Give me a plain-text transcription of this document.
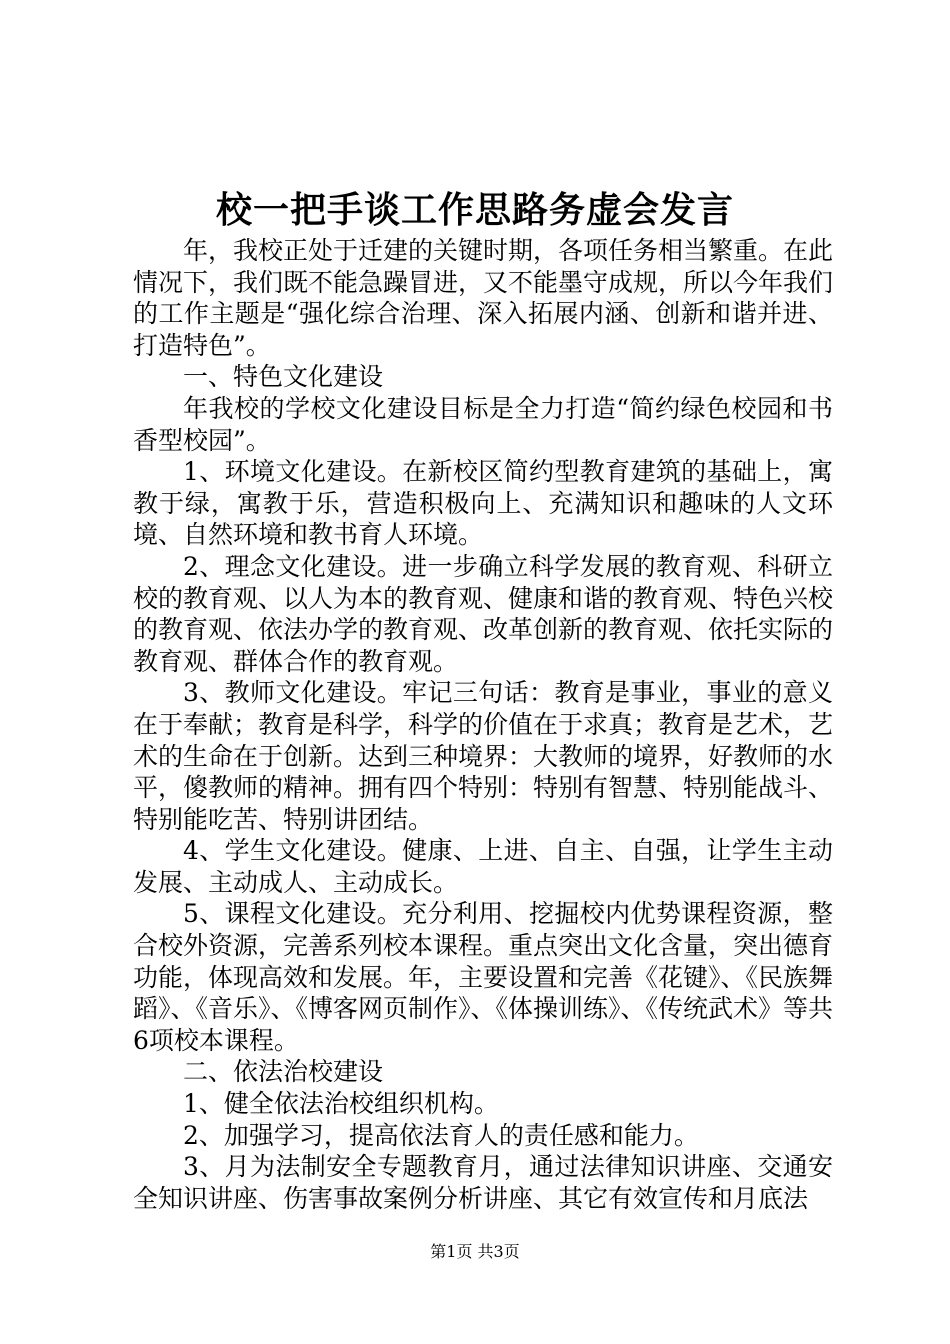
校一把手谈工作思路务虚会发言

年，我校正处于迁建的关键时期，各项任务相当繁重。在此情况下，我们既不能急躁冒进，又不能墨守成规，所以今年我们的工作主题是“强化综合治理、深入拓展内涵、创新和谐并进、打造特色”。

一、特色文化建设

年我校的学校文化建设目标是全力打造“简约绿色校园和书香型校园”。

1、环境文化建设。在新校区简约型教育建筑的基础上，寓教于绿，寓教于乐，营造积极向上、充满知识和趣味的人文环境、自然环境和教书育人环境。

2、理念文化建设。进一步确立科学发展的教育观、科研立校的教育观、以人为本的教育观、健康和谐的教育观、特色兴校的教育观、依法办学的教育观、改革创新的教育观、依托实际的教育观、群体合作的教育观。

3、教师文化建设。牢记三句话：教育是事业，事业的意义在于奉献；教育是科学，科学的价值在于求真；教育是艺术，艺术的生命在于创新。达到三种境界：大教师的境界，好教师的水平，傻教师的精神。拥有四个特别：特别有智慧、特别能战斗、特别能吃苦、特别讲团结。

4、学生文化建设。健康、上进、自主、自强，让学生主动发展、主动成人、主动成长。

5、课程文化建设。充分利用、挖掘校内优势课程资源，整合校外资源，完善系列校本课程。重点突出文化含量，突出德育功能，体现高效和发展。年，主要设置和完善《花键》、《民族舞蹈》、《音乐》、《博客网页制作》、《体操训练》、《传统武术》等共6项校本课程。

二、依法治校建设

1、健全依法治校组织机构。

2、加强学习，提高依法育人的责任感和能力。

3、月为法制安全专题教育月，通过法律知识讲座、交通安全知识讲座、伤害事故案例分析讲座、其它有效宣传和月底法

第1页 共3页
